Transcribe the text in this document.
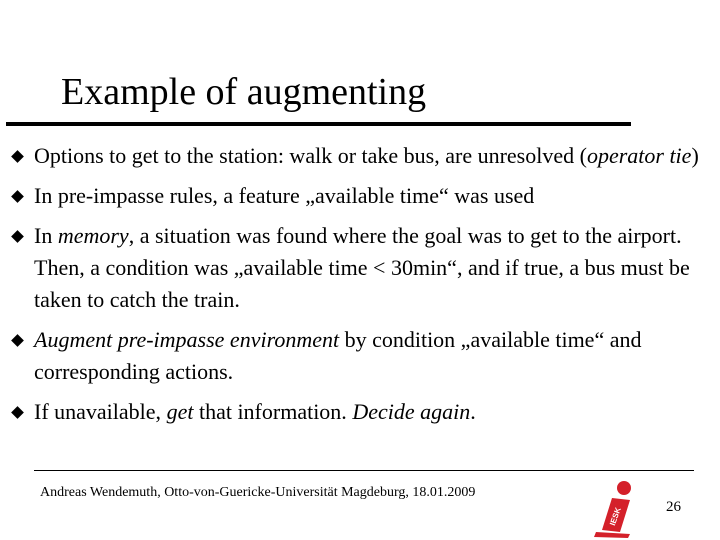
Example of augmenting
Options to get to the station: walk or take bus, are unresolved (operator tie)
In pre-impasse rules, a feature „available time“ was used
In memory, a situation was found where the goal was to get to the airport. Then, a condition was „available time < 30min“, and if true, a bus must be taken to catch the train.
Augment pre-impasse environment by condition „available time“ and corresponding actions.
If unavailable, get that information. Decide again.
Andreas Wendemuth, Otto-von-Guericke-Universität Magdeburg, 18.01.2009
26
IESK
